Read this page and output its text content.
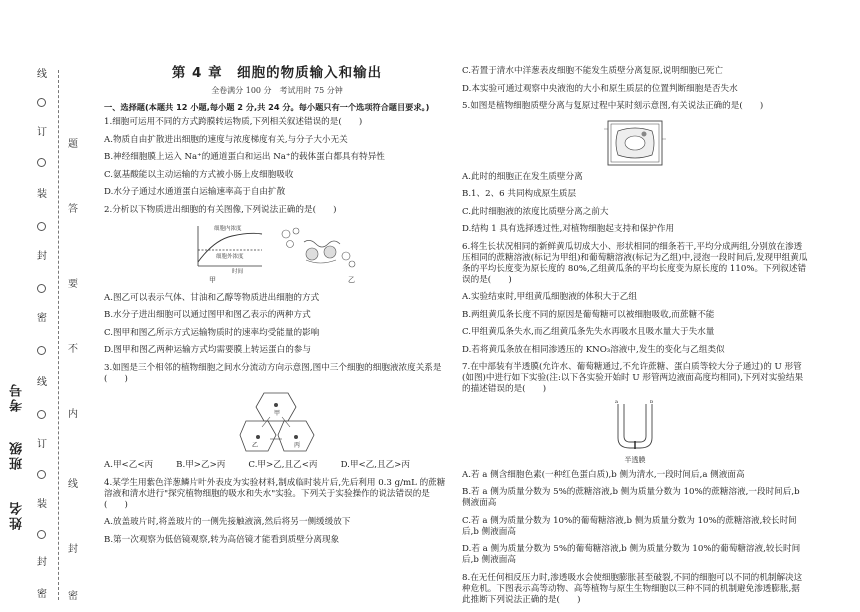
线
订
装
封
密
线
订
装
封
密
题
答
要
不
内
线
封
密
考号
班级
姓名
第 4 章　细胞的物质输入和输出
全卷满分 100 分　考试用时 75 分钟
一、选择题(本题共 12 小题,每小题 2 分,共 24 分。每小题只有一个选项符合题目要求。)

1.细胞可运用不同的方式跨膜转运物质,下列相关叙述错误的是(　　)

A.物质自由扩散进出细胞的速度与浓度梯度有关,与分子大小无关

B.神经细胞膜上运入 Na⁺的通道蛋白和运出 Na⁺的载体蛋白都具有特异性

C.氨基酸能以主动运输的方式被小肠上皮细胞吸收

D.水分子通过水通道蛋白运输速率高于自由扩散

2.分析以下物质进出细胞的有关图像,下列说法正确的是(　　)

细胞内浓度
细胞外浓度
时间
甲	乙

A.图乙可以表示气体、甘油和乙醇等物质进出细胞的方式

B.水分子进出细胞可以通过图甲和图乙表示的两种方式

C.图甲和图乙所示方式运输物质时的速率均受能量的影响

D.图甲和图乙两种运输方式均需要膜上转运蛋白的参与

3.如图是三个相邻的植物细胞之间水分流动方向示意图,图中三个细胞的细胞液浓度关系是(　　)

甲
乙	丙
A.甲<乙<丙	B.甲>乙>丙	C.甲>乙,且乙<丙	D.甲<乙,且乙>丙

4.某学生用紫色洋葱鳞片叶外表皮为实验材料,制成临时装片后,先后利用 0.3 g/mL 的蔗糖溶液和清水进行"探究植物细胞的吸水和失水"实验。下列关于实验操作的说法错误的是(　　)

A.放盖玻片时,将盖玻片的一侧先接触液滴,然后将另一侧缓缓放下

B.第一次观察为低倍镜观察,转为高倍镜才能看到质壁分离现象

C.若置于清水中洋葱表皮细胞不能发生质壁分离复原,说明细胞已死亡

D.本实验可通过观察中央液泡的大小和原生质层的位置判断细胞是否失水

5.如图是植物细胞质壁分离与复原过程中某时刻示意图,有关说法正确的是(　　)

A.此时的细胞正在发生质壁分离

B.1、2、6 共同构成原生质层

C.此时细胞液的浓度比质壁分离之前大

D.结构 1 具有选择透过性,对植物细胞起支持和保护作用

6.将生长状况相同的新鲜黄瓜切成大小、形状相同的细条若干,平均分成两组,分别放在渗透压相同的蔗糖溶液(标记为甲组)和葡萄糖溶液(标记为乙组)中,浸泡一段时间后,发现甲组黄瓜条的平均长度变为原长度的 80%,乙组黄瓜条的平均长度变为原长度的 110%。下列叙述错误的是(　　)

A.实验结束时,甲组黄瓜细胞液的体积大于乙组

B.两组黄瓜条长度不同的原因是葡萄糖可以被细胞吸收,而蔗糖不能

C.甲组黄瓜条失水,而乙组黄瓜条先失水再吸水且吸水量大于失水量

D.若将黄瓜条放在相同渗透压的 KNO₃溶液中,发生的变化与乙组类似

7.在中部装有半透膜(允许水、葡萄糖通过,不允许蔗糖、蛋白质等较大分子通过)的 U 形管(如图)中进行如下实验(注:以下各实验开始时 U 形管两边液面高度均相同),下列对实验结果的描述错误的是(　　)

a	b
半透膜

A.若 a 侧含细胞色素(一种红色蛋白质),b 侧为清水,一段时间后,a 侧液面高

B.若 a 侧为质量分数为 5%的蔗糖溶液,b 侧为质量分数为 10%的蔗糖溶液,一段时间后,b 侧液面高

C.若 a 侧为质量分数为 10%的葡萄糖溶液,b 侧为质量分数为 10%的蔗糖溶液,较长时间后,b 侧液面高

D.若 a 侧为质量分数为 5%的葡萄糖溶液,b 侧为质量分数为 10%的葡萄糖溶液,较长时间后,b 侧液面高

8.在无任何相反压力时,渗透吸水会使细胞膨胀甚至破裂,不同的细胞可以不同的机制解决这种危机。下图表示高等动物、高等植物与原生生物细胞以三种不同的机制避免渗透膨胀,据此推断下列说法正确的是(　　)
